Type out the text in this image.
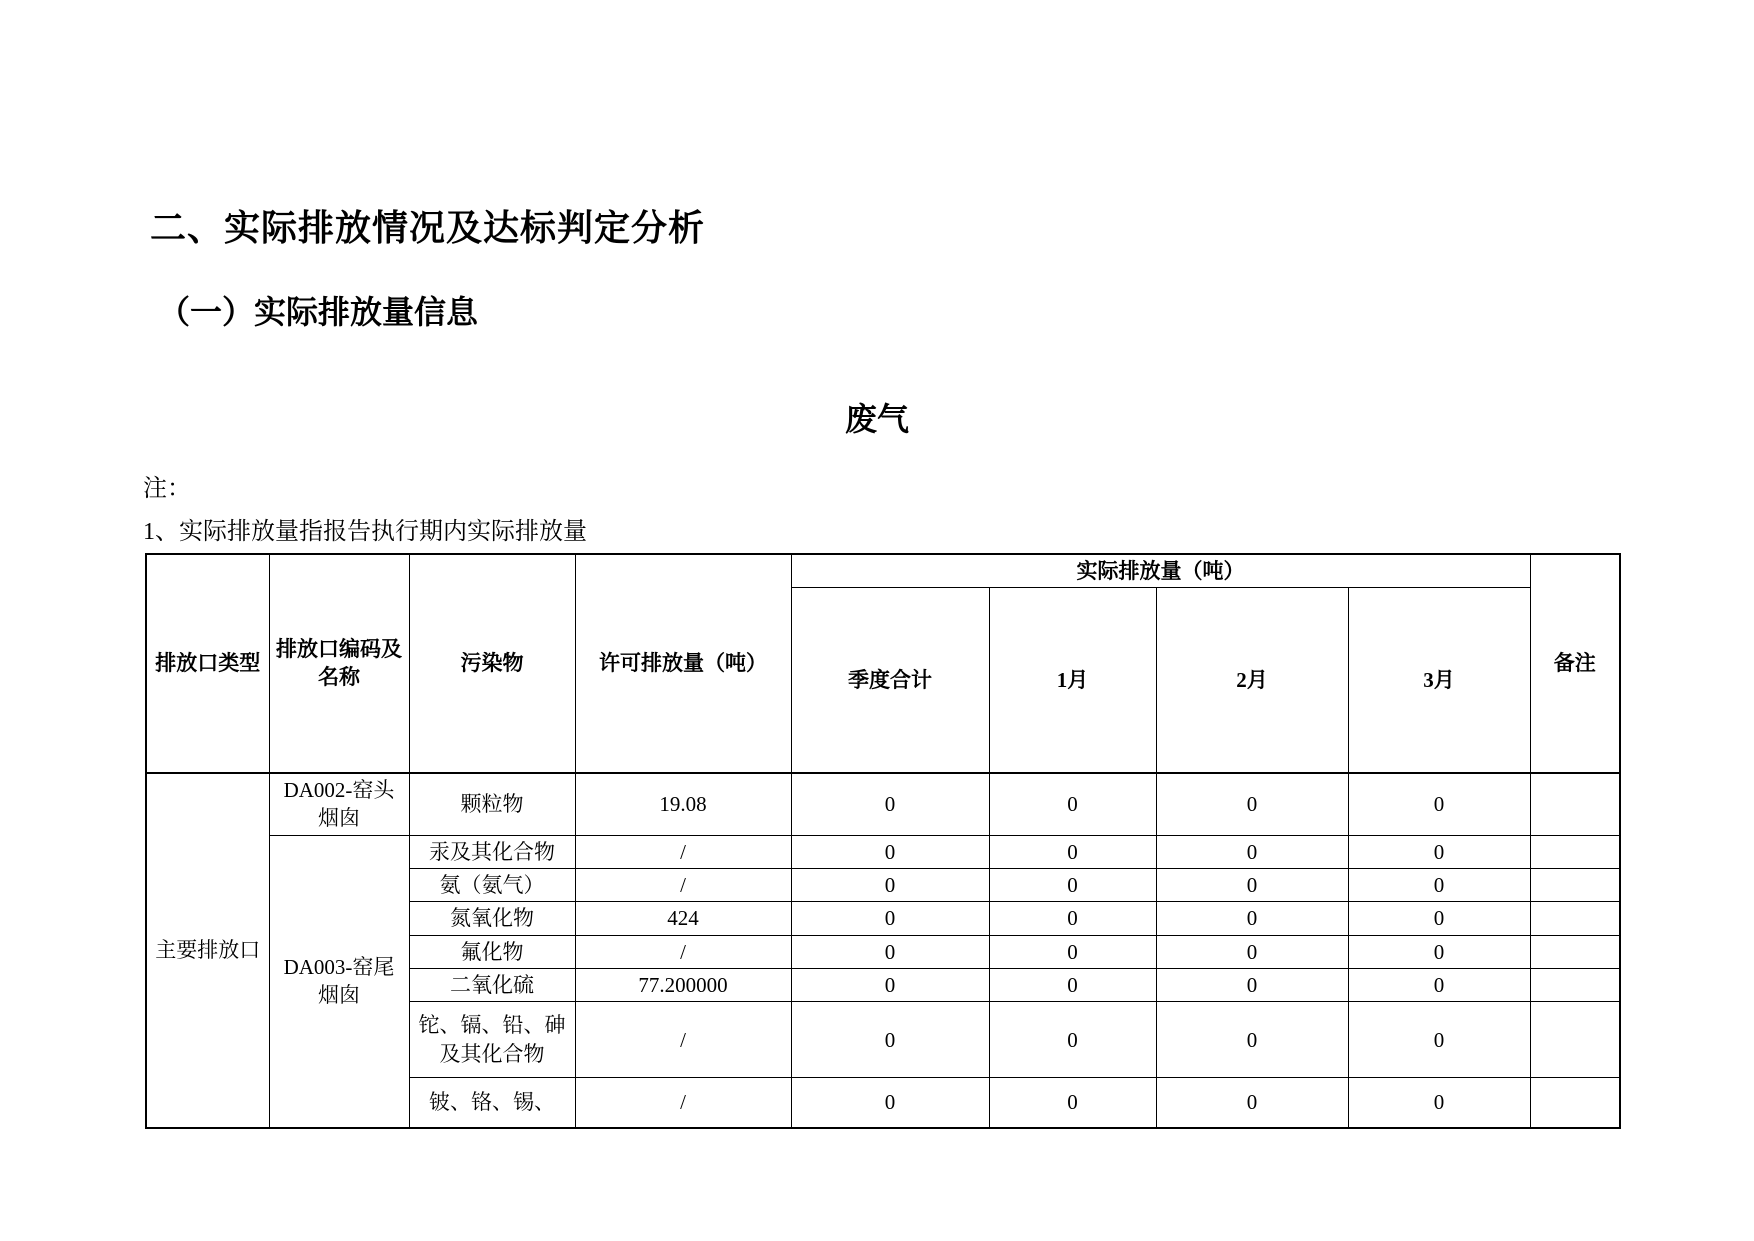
二、实际排放情况及达标判定分析
（一）实际排放量信息
废气
注：
1、实际排放量指报告执行期内实际排放量
排放口类型	排放口编码及名称	污染物	许可排放量（吨）	实际排放量（吨）				备注
				季度合计	1月	2月	3月	
主要排放口	DA002-窑头烟囱	颗粒物	19.08	0	0	0	0	
	DA003-窑尾烟囱	汞及其化合物	/	0	0	0	0	
		氨（氨气）	/	0	0	0	0	
		氮氧化物	424	0	0	0	0	
		氟化物	/	0	0	0	0	
		二氧化硫	77.200000	0	0	0	0	
		铊、镉、铅、砷及其化合物	/	0	0	0	0	
		铍、铬、锡、	/	0	0	0	0	
